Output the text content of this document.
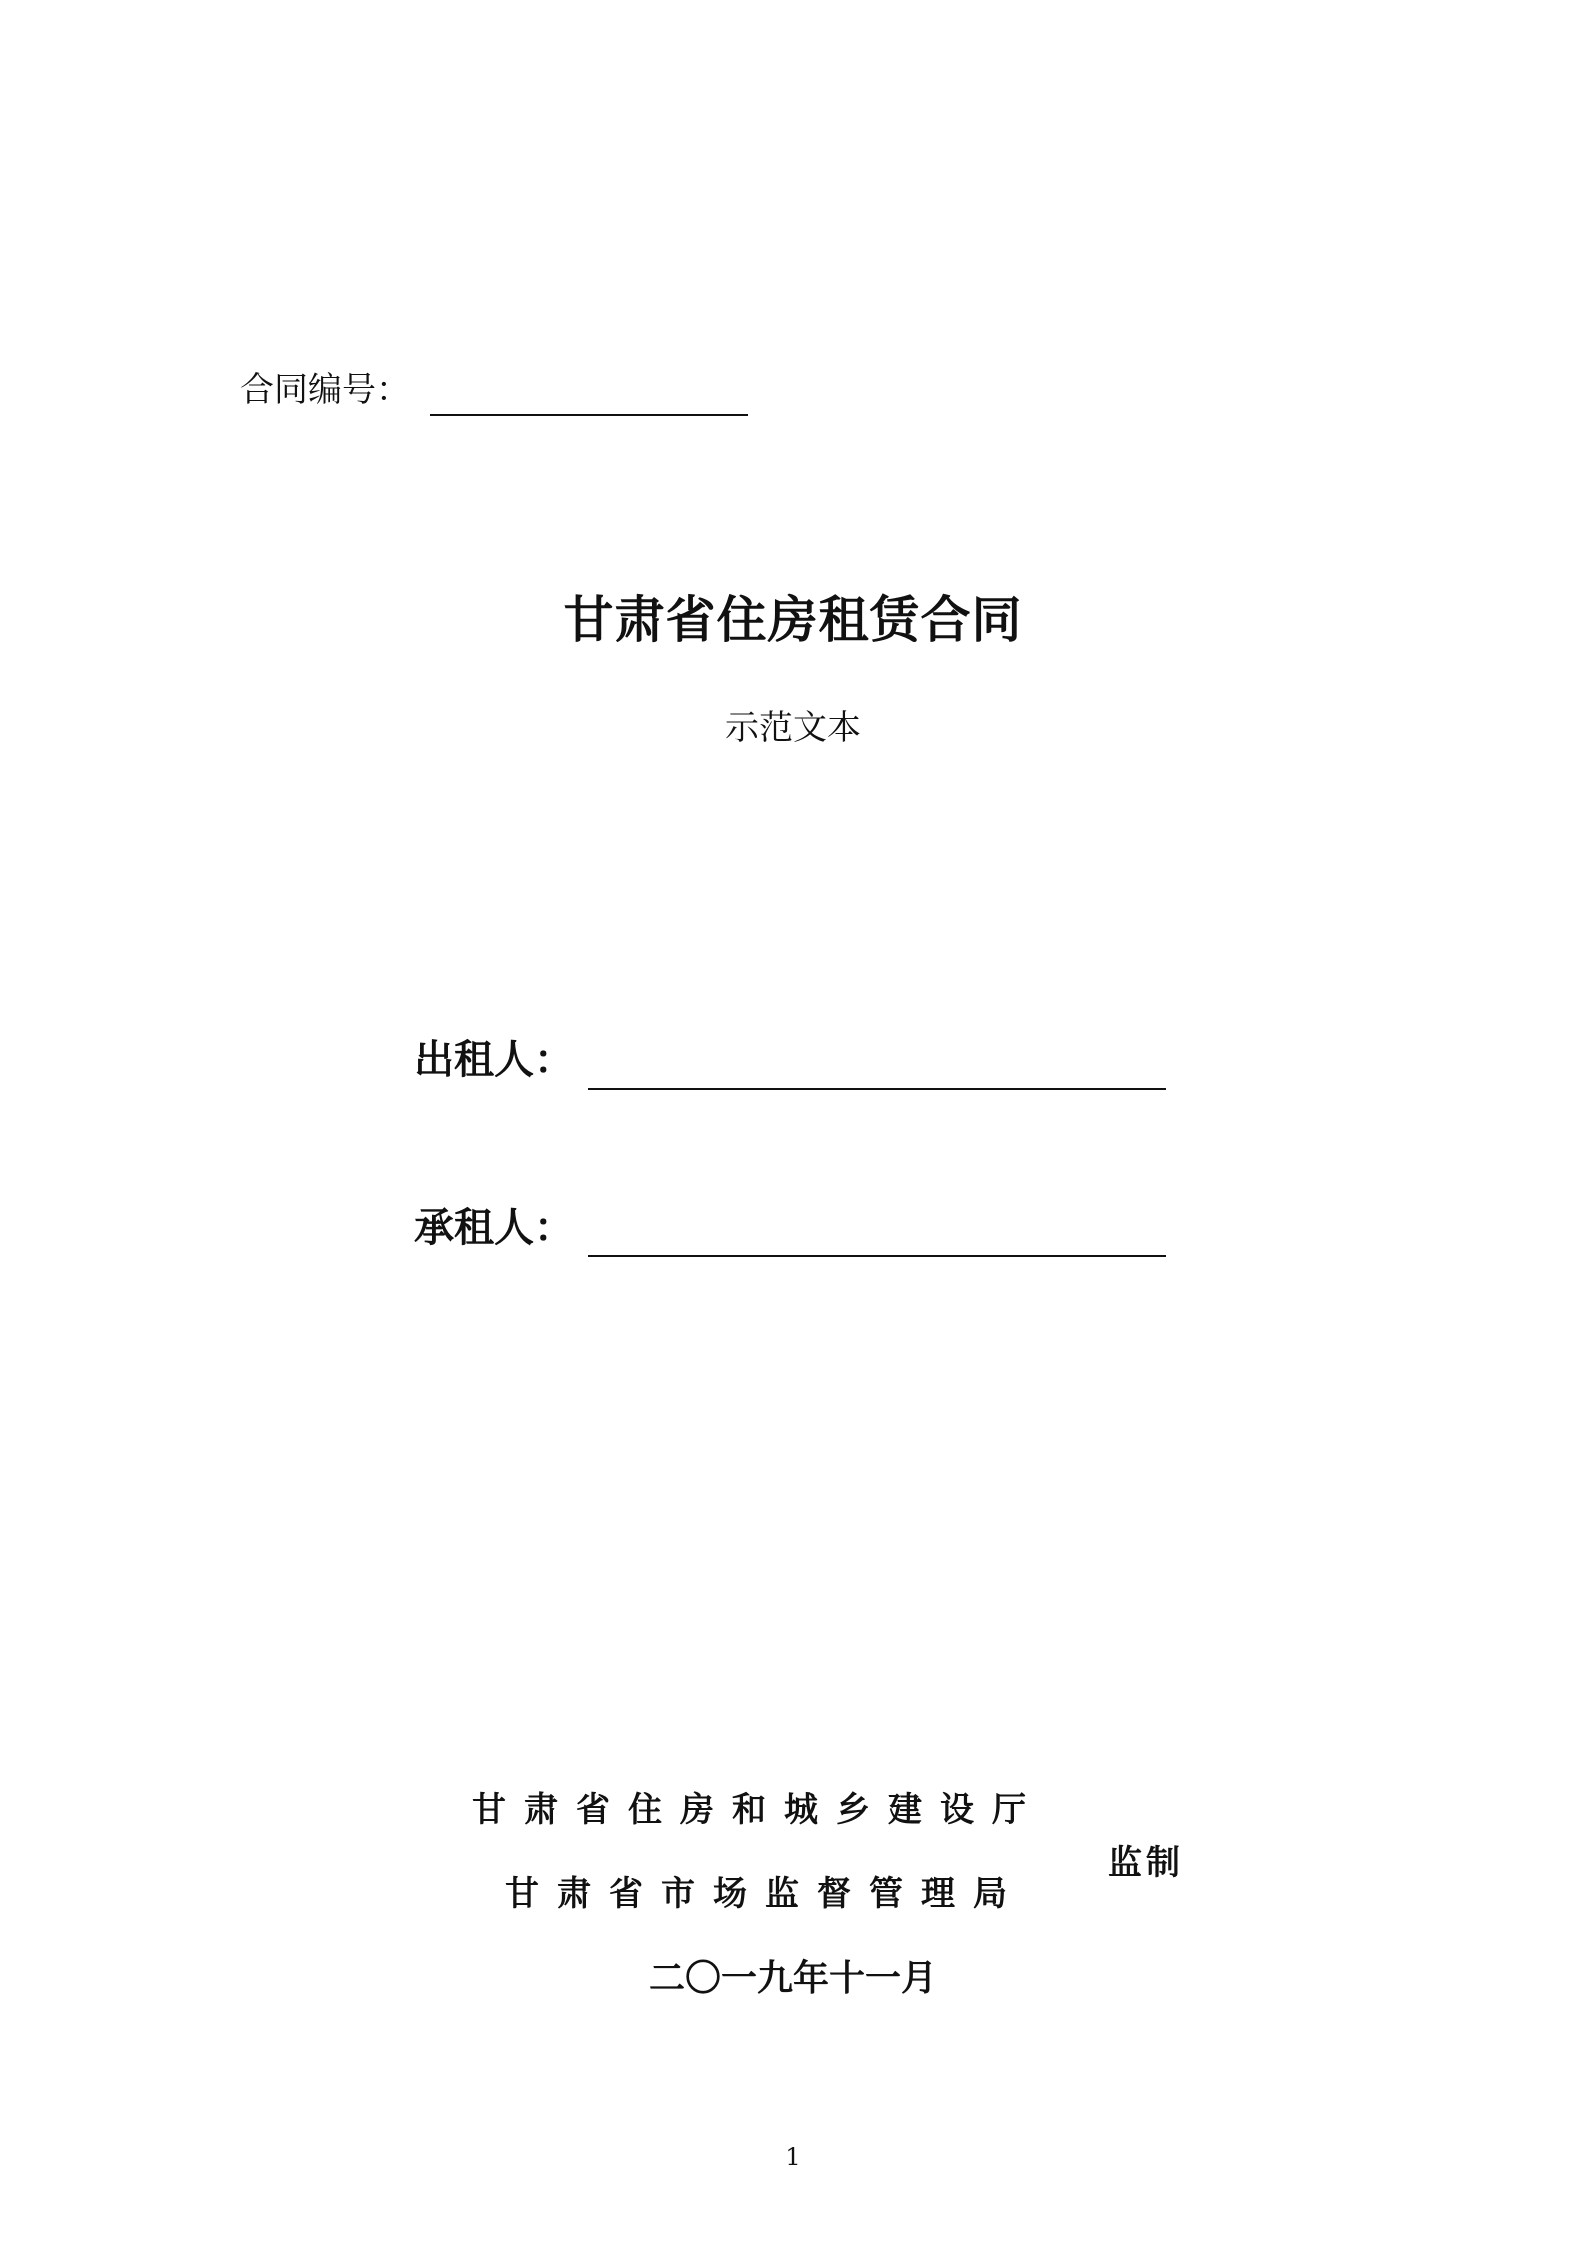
合同编号：
甘肃省住房租赁合同
示范文本
出租人：
承租人：
甘肃省住房和城乡建设厅
甘肃省市场监督管理局
监制
二〇一九年十一月
1
